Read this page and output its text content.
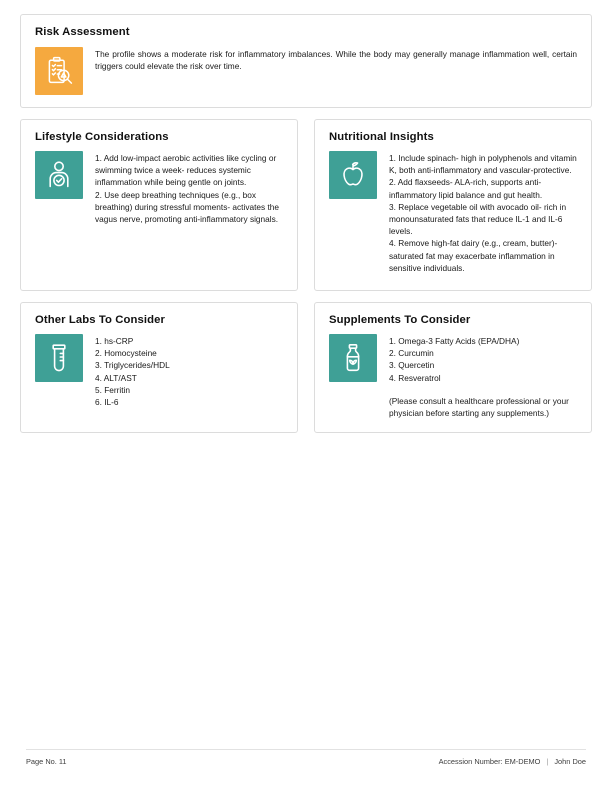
Risk Assessment

The profile shows a moderate risk for inflammatory imbalances. While the body may generally manage inflammation well, certain triggers could elevate the risk over time.

Lifestyle Considerations
1. Add low-impact aerobic activities like cycling or swimming twice a week- reduces systemic inflammation while being gentle on joints.
2. Use deep breathing techniques (e.g., box breathing) during stressful moments- activates the vagus nerve, promoting anti-inflammatory signals.
Nutritional Insights
1. Include spinach- high in polyphenols and vitamin K, both anti-inflammatory and vascular-protective.
2. Add flaxseeds- ALA-rich, supports anti-inflammatory lipid balance and gut health.
3. Replace vegetable oil with avocado oil- rich in monounsaturated fats that reduce IL-1 and IL-6 levels.
4. Remove high-fat dairy (e.g., cream, butter)- saturated fat may exacerbate inflammation in sensitive individuals.
Other Labs To Consider
1. hs-CRP
2. Homocysteine
3. Triglycerides/HDL
4. ALT/AST
5. Ferritin
6. IL-6
Supplements To Consider
1. Omega-3 Fatty Acids (EPA/DHA)
2. Curcumin
3. Quercetin
4. Resveratrol
(Please consult a healthcare professional or your physician before starting any supplements.)
Page No. 11	Accession Number: EM-DEMO | John Doe
